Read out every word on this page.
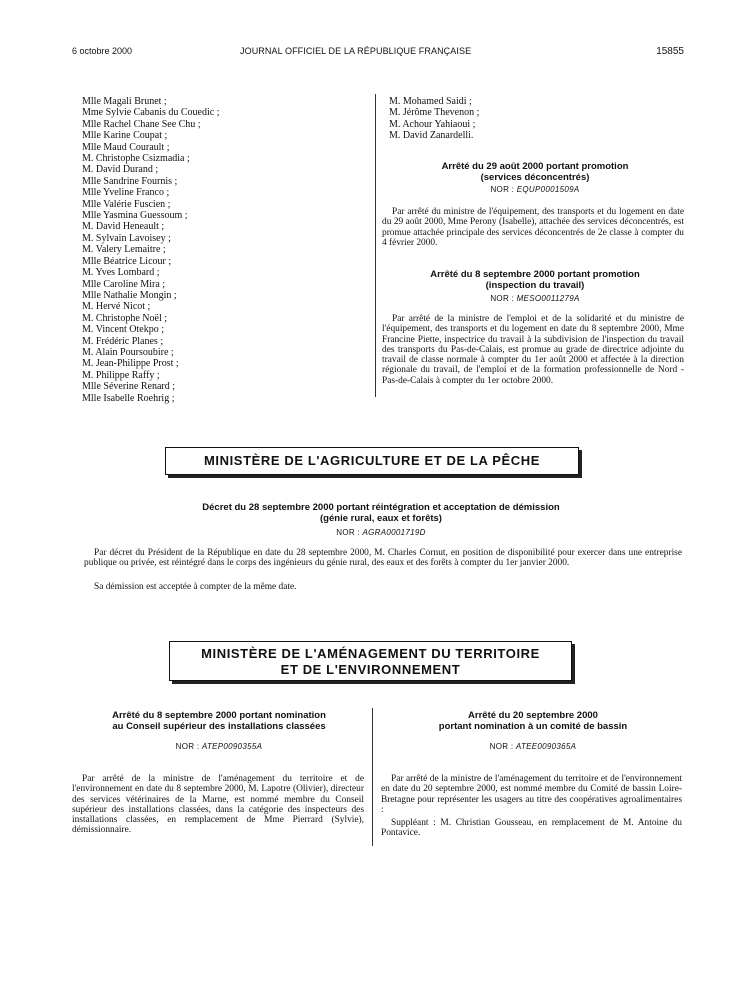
6 octobre 2000	JOURNAL OFFICIEL DE LA RÉPUBLIQUE FRANÇAISE	15855
Mlle Magali Brunet ;
Mme Sylvie Cabanis du Couedic ;
Mlle Rachel Chane See Chu ;
Mlle Karine Coupat ;
Mlle Maud Courault ;
M. Christophe Csizmadia ;
M. David Durand ;
Mlle Sandrine Fournis ;
Mlle Yveline Franco ;
Mlle Valérie Fuscien ;
Mlle Yasmina Guessoum ;
M. David Heneault ;
M. Sylvain Lavoisey ;
M. Valery Lemaitre ;
Mlle Béatrice Licour ;
M. Yves Lombard ;
Mlle Caroline Mira ;
Mlle Nathalie Mongin ;
M. Hervé Nicot ;
M. Christophe Noël ;
M. Vincent Otekpo ;
M. Frédéric Planes ;
M. Alain Poursoubire ;
M. Jean-Philippe Prost ;
M. Philippe Raffy ;
Mlle Séverine Renard ;
Mlle Isabelle Roehrig ;
M. Mohamed Saidi ;
M. Jérôme Thevenon ;
M. Achour Yahiaoui ;
M. David Zanardelli.
Arrêté du 29 août 2000 portant promotion
(services déconcentrés)
NOR : EQUP0001509A

Par arrêté du ministre de l'équipement, des transports et du logement en date du 29 août 2000, Mme Perony (Isabelle), attachée des services déconcentrés, est promue attachée principale des services déconcentrés de 2e classe à compter du 4 février 2000.

Arrêté du 8 septembre 2000 portant promotion
(inspection du travail)
NOR : MESO0011279A

Par arrêté de la ministre de l'emploi et de la solidarité et du ministre de l'équipement, des transports et du logement en date du 8 septembre 2000, Mme Francine Piette, inspectrice du travail à la subdivision de l'inspection du travail des transports du Pas-de-Calais, est promue au grade de directrice adjointe du travail de classe normale à compter du 1er août 2000 et affectée à la direction régionale du travail, de l'emploi et de la formation professionnelle de Nord - Pas-de-Calais à compter du 1er octobre 2000.

MINISTÈRE DE L'AGRICULTURE ET DE LA PÊCHE
Décret du 28 septembre 2000 portant réintégration et acceptation de démission
(génie rural, eaux et forêts)
NOR : AGRA0001719D

Par décret du Président de la République en date du 28 septembre 2000, M. Charles Cornut, en position de disponibilité pour exercer dans une entreprise publique ou privée, est réintégré dans le corps des ingénieurs du génie rural, des eaux et des forêts à compter du 1er janvier 2000.

Sa démission est acceptée à compter de la même date.

MINISTÈRE DE L'AMÉNAGEMENT DU TERRITOIRE
ET DE L'ENVIRONNEMENT
Arrêté du 8 septembre 2000 portant nomination
au Conseil supérieur des installations classées
NOR : ATEP0090355A

Par arrêté de la ministre de l'aménagement du territoire et de l'environnement en date du 8 septembre 2000, M. Lapotre (Olivier), directeur des services vétérinaires de la Marne, est nommé membre du Conseil supérieur des installations classées, dans la catégorie des inspecteurs des installations classées, en remplacement de Mme Pierrard (Sylvie), démissionnaire.

Arrêté du 20 septembre 2000
portant nomination à un comité de bassin
NOR : ATEE0090365A

Par arrêté de la ministre de l'aménagement du territoire et de l'environnement en date du 20 septembre 2000, est nommé membre du Comité de bassin Loire-Bretagne pour représenter les usagers au titre des coopératives agroalimentaires :

Suppléant : M. Christian Gousseau, en remplacement de M. Antoine du Pontavice.
